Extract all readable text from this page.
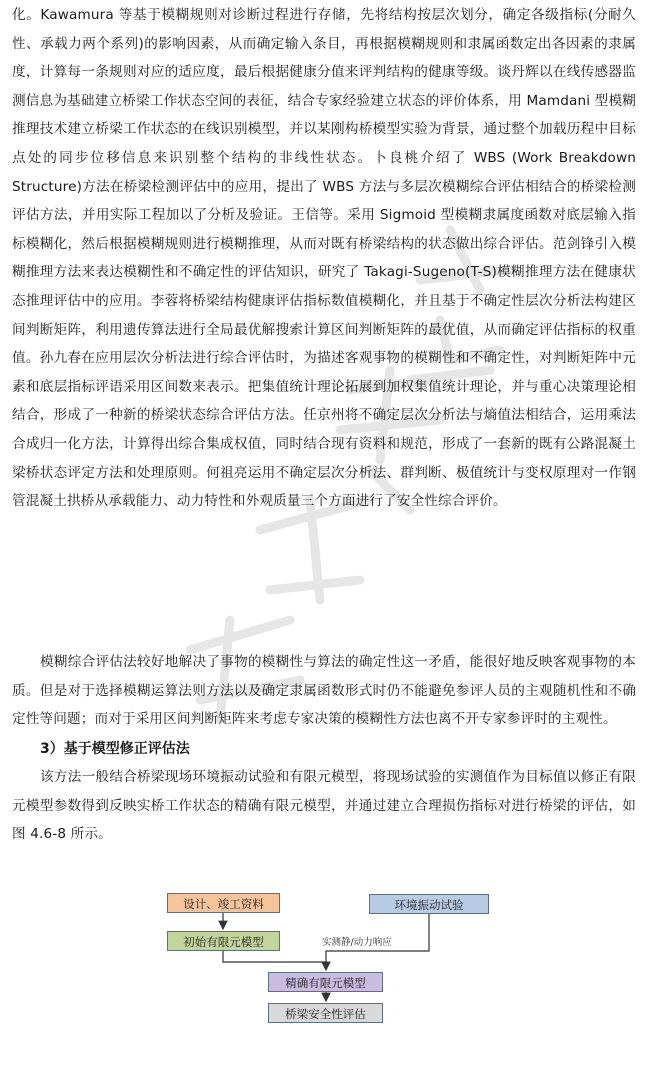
化。Kawamura 等基于模糊规则对诊断过程进行存储，先将结构按层次划分，确定各级指标(分耐久性、承载力两个系列)的影响因素，从而确定输入条目，再根据模糊规则和隶属函数定出各因素的隶属度，计算每一条规则对应的适应度，最后根据健康分值来评判结构的健康等级。谈丹辉以在线传感器监测信息为基础建立桥梁工作状态空间的表征，结合专家经验建立状态的评价体系，用 Mamdani 型模糊推理技术建立桥梁工作状态的在线识别模型，并以某刚构桥模型实验为背景，通过整个加载历程中目标点处的同步位移信息来识别整个结构的非线性状态。卜良桃介绍了 WBS (Work Breakdown Structure)方法在桥梁检测评估中的应用，提出了 WBS 方法与多层次模糊综合评估相结合的桥梁检测评估方法，并用实际工程加以了分析及验证。王信等。采用 Sigmoid 型模糊隶属度函数对底层输入指标模糊化，然后根据模糊规则进行模糊推理，从而对既有桥梁结构的状态做出综合评估。范剑锋引入模糊推理方法来表达模糊性和不确定性的评估知识，研究了 Takagi-Sugeno(T-S)模糊推理方法在健康状态推理评估中的应用。李蓉将桥梁结构健康评估指标数值模糊化，并且基于不确定性层次分析法构建区间判断矩阵，利用遗传算法进行全局最优解搜索计算区间判断矩阵的最优值，从而确定评估指标的权重值。孙九春在应用层次分析法进行综合评估时，为描述客观事物的模糊性和不确定性，对判断矩阵中元素和底层指标评语采用区间数来表示。把集值统计理论拓展到加权集值统计理论，并与重心决策理论相结合，形成了一种新的桥梁状态综合评估方法。任京州将不确定层次分析法与熵值法相结合，运用乘法合成归一化方法，计算得出综合集成权值，同时结合现有资料和规范，形成了一套新的既有公路混凝土梁桥状态评定方法和处理原则。何祖亮运用不确定层次分析法、群判断、极值统计与变权原理对一作钢管混凝土拱桥从承载能力、动力特性和外观质量三个方面进行了安全性综合评价。

模糊综合评估法较好地解决了事物的模糊性与算法的确定性这一矛盾，能很好地反映客观事物的本质。但是对于选择模糊运算法则方法以及确定隶属函数形式时仍不能避免参评人员的主观随机性和不确定性等问题；而对于采用区间判断矩阵来考虑专家决策的模糊性方法也离不开专家参评时的主观性。

3）基于模型修正评估法

该方法一般结合桥梁现场环境振动试验和有限元模型，将现场试验的实测值作为目标值以修正有限元模型参数得到反映实桥工作状态的精确有限元模型，并通过建立合理损伤指标对进行桥梁的评估，如图 4.6-8 所示。

设计、竣工资料	环境振动试验
初始有限元模型	实测静/动力响应
精确有限元模型
桥梁安全性评估
